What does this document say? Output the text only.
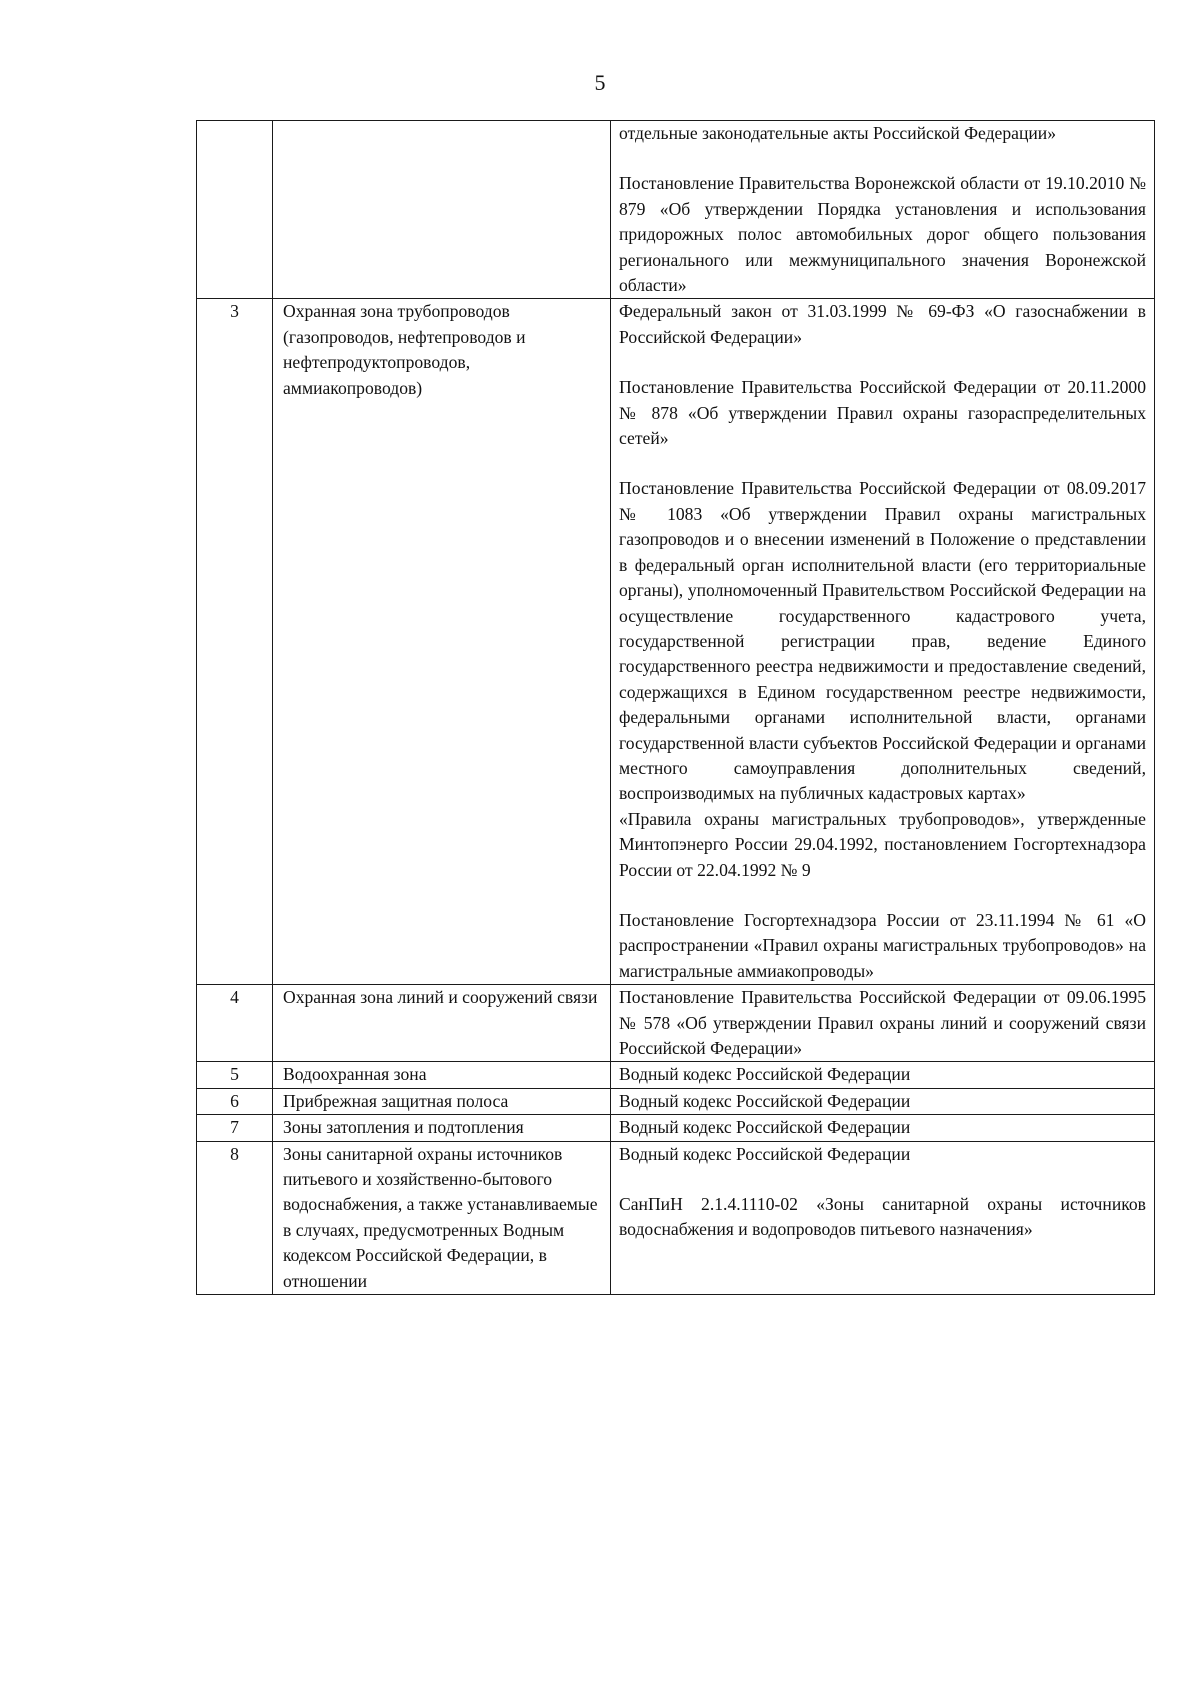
5

		отдельные законодательные акты Российской Федерации»

Постановление Правительства Воронежской области от 19.10.2010 № 879 «Об утверждении Порядка установления и использования придорожных полос автомобильных дорог общего пользования регионального или межмуниципального значения Воронежской области»

3	Охранная зона трубопроводов (газопроводов, нефтепроводов и нефтепродуктопроводов, аммиакопроводов)	Федеральный закон от 31.03.1999 № 69-ФЗ «О газоснабжении в Российской Федерации»

Постановление Правительства Российской Федерации от 20.11.2000 № 878 «Об утверждении Правил охраны газораспределительных сетей»

Постановление Правительства Российской Федерации от 08.09.2017 № 1083 «Об утверждении Правил охраны магистральных газопроводов и о внесении изменений в Положение о представлении в федеральный орган исполнительной власти (его территориальные органы), уполномоченный Правительством Российской Федерации на осуществление государственного кадастрового учета, государственной регистрации прав, ведение Единого государственного реестра недвижимости и предоставление сведений, содержащихся в Едином государственном реестре недвижимости, федеральными органами исполнительной власти, органами государственной власти субъектов Российской Федерации и органами местного самоуправления дополнительных сведений, воспроизводимых на публичных кадастровых картах»

«Правила охраны магистральных трубопроводов», утвержденные Минтопэнерго России 29.04.1992, постановлением Госгортехнадзора России от 22.04.1992 № 9

Постановление Госгортехнадзора России от 23.11.1994 № 61 «О распространении «Правил охраны магистральных трубопроводов» на магистральные аммиакопроводы»

4	Охранная зона линий и сооружений связи	Постановление Правительства Российской Федерации от 09.06.1995 № 578 «Об утверждении Правил охраны линий и сооружений связи Российской Федерации»

5	Водоохранная зона	Водный кодекс Российской Федерации

6	Прибрежная защитная полоса	Водный кодекс Российской Федерации

7	Зоны затопления и подтопления	Водный кодекс Российской Федерации

8	Зоны санитарной охраны источников питьевого и хозяйственно-бытового водоснабжения, а также устанавливаемые в случаях, предусмотренных Водным кодексом Российской Федерации, в отношении	Водный кодекс Российской Федерации

СанПиН 2.1.4.1110-02 «Зоны санитарной охраны источников водоснабжения и водопроводов питьевого назначения»
